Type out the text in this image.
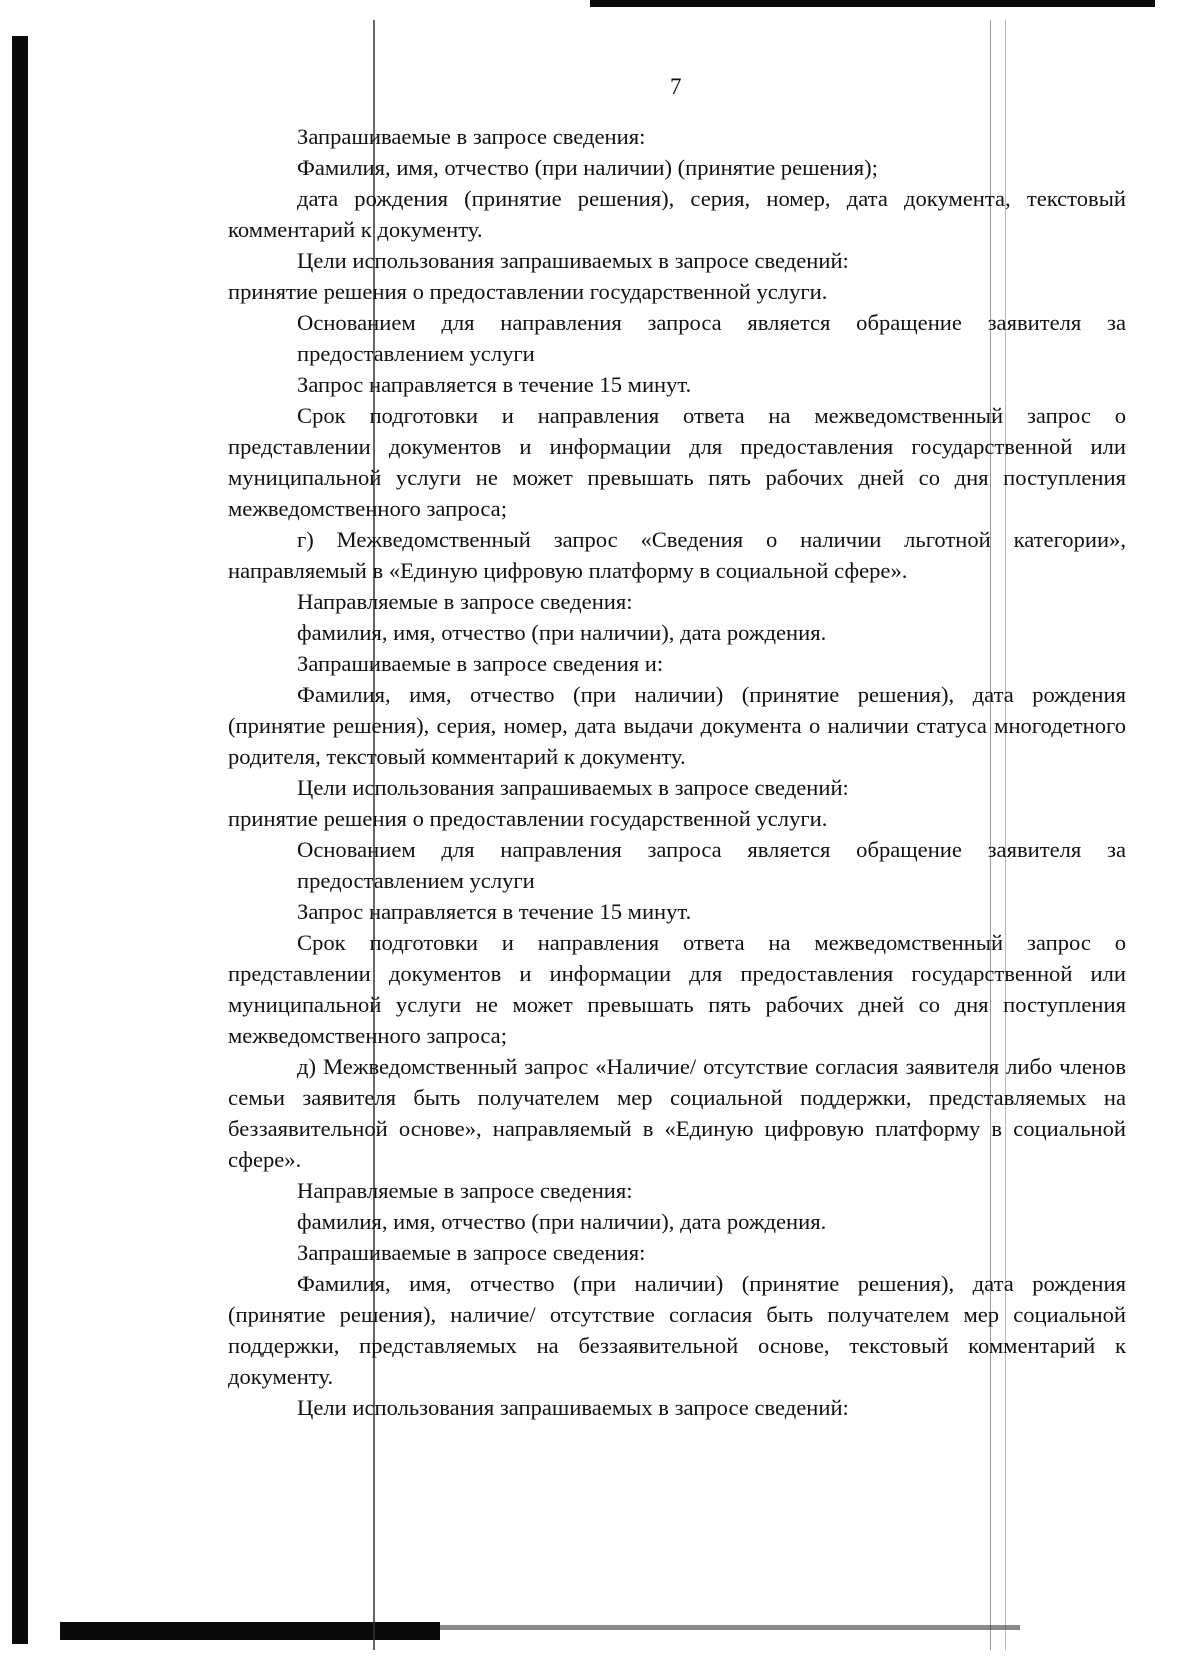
7

Запрашиваемые в запросе сведения:

Фамилия, имя, отчество (при наличии) (принятие решения);

дата рождения (принятие решения), серия, номер, дата документа, текстовый комментарий к документу.

Цели использования запрашиваемых в запросе сведений:

принятие решения о предоставлении государственной услуги.

Основанием для направления запроса является обращение заявителя за предоставлением услуги

Запрос направляется в течение 15 минут.

Срок подготовки и направления ответа на межведомственный запрос о представлении документов и информации для предоставления государственной или муниципальной услуги не может превышать пять рабочих дней со дня поступления межведомственного запроса;

г) Межведомственный запрос «Сведения о наличии льготной категории», направляемый в «Единую цифровую платформу в социальной сфере».

Направляемые в запросе сведения:

фамилия, имя, отчество (при наличии), дата рождения.

Запрашиваемые в запросе сведения и:

Фамилия, имя, отчество (при наличии) (принятие решения), дата рождения (принятие решения), серия, номер, дата выдачи документа о наличии статуса многодетного родителя, текстовый комментарий к документу.

Цели использования запрашиваемых в запросе сведений:

принятие решения о предоставлении государственной услуги.

Основанием для направления запроса является обращение заявителя за предоставлением услуги

Запрос направляется в течение 15 минут.

Срок подготовки и направления ответа на межведомственный запрос о представлении документов и информации для предоставления государственной или муниципальной услуги не может превышать пять рабочих дней со дня поступления межведомственного запроса;

д) Межведомственный запрос «Наличие/ отсутствие согласия заявителя либо членов семьи заявителя быть получателем мер социальной поддержки, представляемых на беззаявительной основе», направляемый в «Единую цифровую платформу в социальной сфере».

Направляемые в запросе сведения:

фамилия, имя, отчество (при наличии), дата рождения.

Запрашиваемые в запросе сведения:

Фамилия, имя, отчество (при наличии) (принятие решения), дата рождения (принятие решения), наличие/ отсутствие согласия быть получателем мер социальной поддержки, представляемых на беззаявительной основе, текстовый комментарий к документу.

Цели использования запрашиваемых в запросе сведений:
